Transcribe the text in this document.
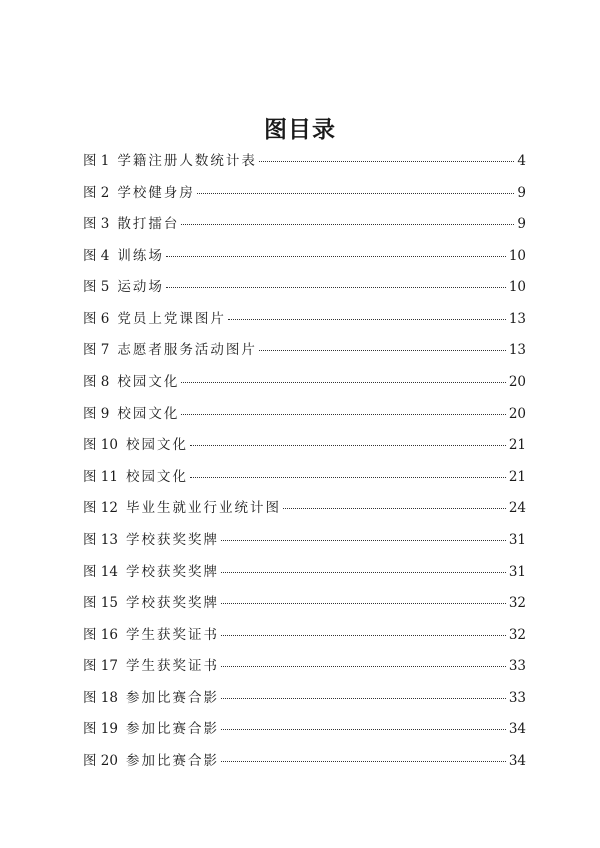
图目录
图 1 学籍注册人数统计表	4
图 2 学校健身房	9
图 3 散打擂台	9
图 4 训练场	10
图 5 运动场	10
图 6 党员上党课图片	13
图 7 志愿者服务活动图片	13
图 8 校园文化	20
图 9 校园文化	20
图 10 校园文化	21
图 11 校园文化	21
图 12 毕业生就业行业统计图	24
图 13 学校获奖奖牌	31
图 14 学校获奖奖牌	31
图 15 学校获奖奖牌	32
图 16 学生获奖证书	32
图 17 学生获奖证书	33
图 18 参加比赛合影	33
图 19 参加比赛合影	34
图 20 参加比赛合影	34
